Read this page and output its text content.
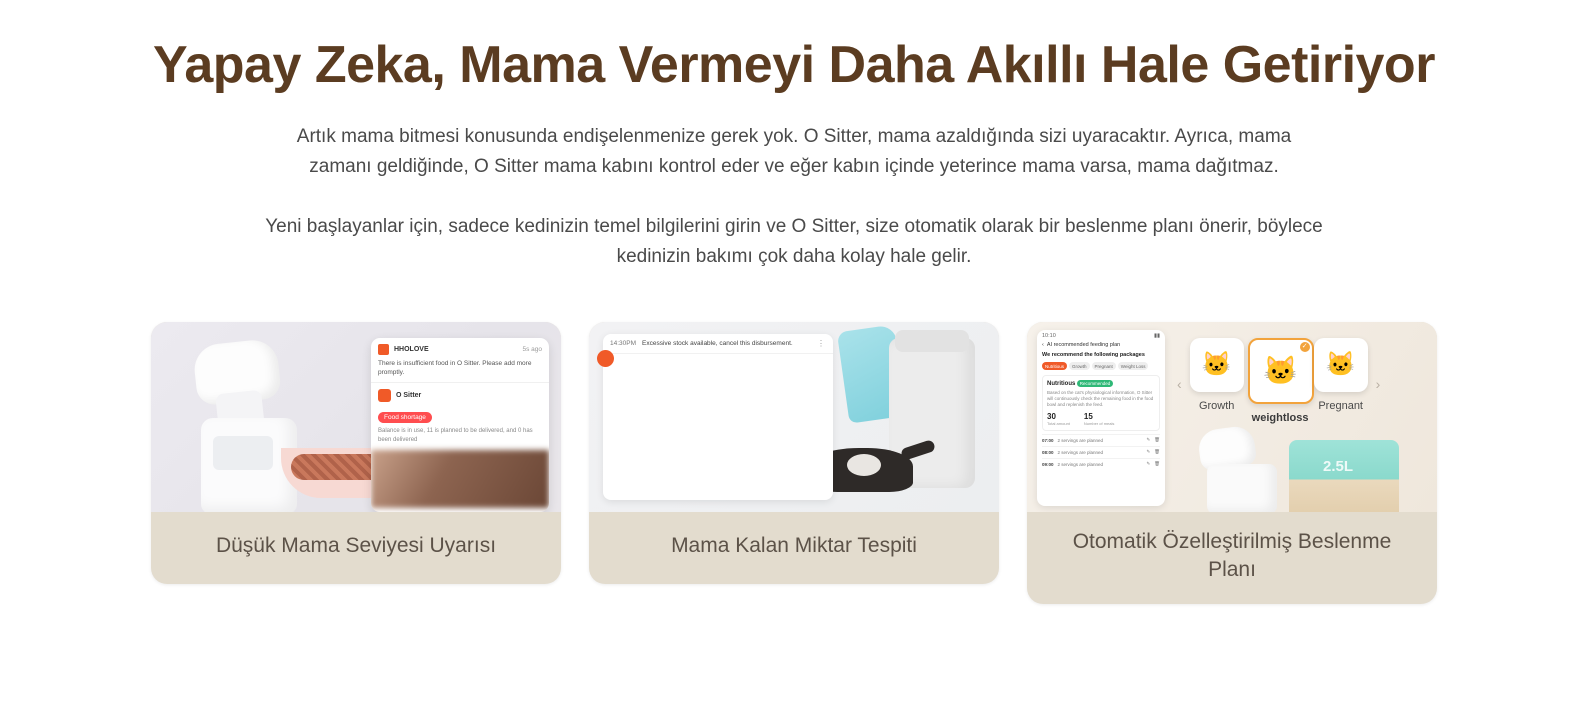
Yapay Zeka, Mama Vermeyi Daha Akıllı Hale Getiriyor

Artık mama bitmesi konusunda endişelenmenize gerek yok. O Sitter, mama azaldığında sizi uyaracaktır. Ayrıca, mama zamanı geldiğinde, O Sitter mama kabını kontrol eder ve eğer kabın içinde yeterince mama varsa, mama dağıtmaz.

Yeni başlayanlar için, sadece kedinizin temel bilgilerini girin ve O Sitter, size otomatik olarak bir beslenme planı önerir, böylece kedinizin bakımı çok daha kolay hale gelir.

HHOLOVE	5s ago
There is insufficient food in O Sitter. Please add more promptly.
O Sitter
Food shortage
Balance is in use, 11 is planned to be delivered, and 0 has been delivered
Düşük Mama Seviyesi Uyarısı
14:30PM Excessive stock available, cancel this disbursement.	⋮
Mama Kalan Miktar Tespiti
10:10	▮▮
‹ AI recommended feeding plan
We recommend the following packages
Nutritious	Growth	Pregnant	Weight Loss
Nutritious Recommended
Based on the cat's physiological information, O Sitter will continuously check the remaining food in the food bowl and replenish the feed.
30
Total amount
15
Number of meals
07:00 2 servings are planned	✎ 🗑
08:00 2 servings are planned	✎ 🗑
09:00 2 servings are planned	✎ 🗑
‹
🐱
Growth
🐱
✓
weightloss
🐱
Pregnant
›
2.5L
Otomatik Özelleştirilmiş Beslenme Planı
